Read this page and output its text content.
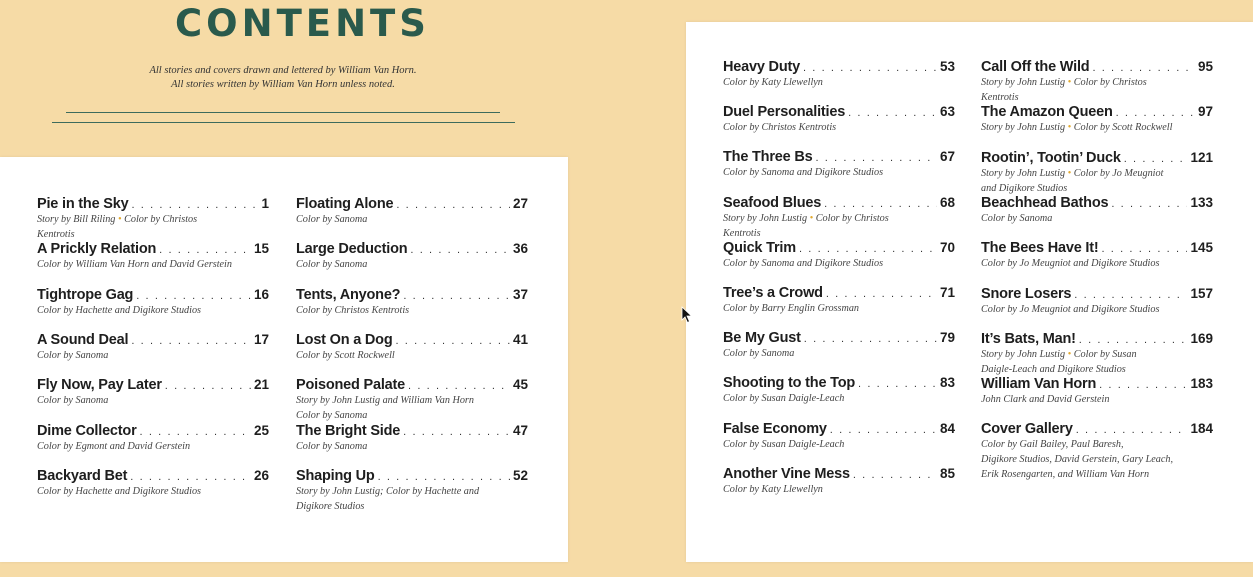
CONTENTS
All stories and covers drawn and lettered by William Van Horn.
All stories written by William Van Horn unless noted.
Pie in the Sky . . .	1
Story by Bill Riling • Color by Christos
Kentrotis
A Prickly Relation . . .	15
Color by William Van Horn and David Gerstein
Tightrope Gag . . .	16
Color by Hachette and Digikore Studios
A Sound Deal . . .	17
Color by Sanoma
Fly Now, Pay Later . . .	21
Color by Sanoma
Dime Collector . . .	25
Color by Egmont and David Gerstein
Backyard Bet . . .	26
Color by Hachette and Digikore Studios
Floating Alone . . .	27
Color by Sanoma
Large Deduction . . .	36
Color by Sanoma
Tents, Anyone? . . .	37
Color by Christos Kentrotis
Lost On a Dog . . .	41
Color by Scott Rockwell
Poisoned Palate . . .	45
Story by John Lustig and William Van Horn
Color by Sanoma
The Bright Side . . .	47
Color by Sanoma
Shaping Up . . .	52
Story by John Lustig; Color by Hachette and
Digikore Studios
Heavy Duty . . .	53
Color by Katy Llewellyn
Duel Personalities . . .	63
Color by Christos Kentrotis
The Three Bs . . .	67
Color by Sanoma and Digikore Studios
Seafood Blues . . .	68
Story by John Lustig • Color by Christos
Kentrotis
Quick Trim . . .	70
Color by Sanoma and Digikore Studios
Tree’s a Crowd . . .	71
Color by Barry Englin Grossman
Be My Gust . . .	79
Color by Sanoma
Shooting to the Top . . .	83
Color by Susan Daigle-Leach
False Economy . . .	84
Color by Susan Daigle-Leach
Another Vine Mess . . .	85
Color by Katy Llewellyn
Call Off the Wild . . .	95
Story by John Lustig • Color by Christos
Kentrotis
The Amazon Queen . . .	97
Story by John Lustig • Color by Scott Rockwell
Rootin’, Tootin’ Duck . . .	121
Story by John Lustig • Color by Jo Meugniot
and Digikore Studios
Beachhead Bathos . . .	133
Color by Sanoma
The Bees Have It! . . .	145
Color by Jo Meugniot and Digikore Studios
Snore Losers . . .	157
Color by Jo Meugniot and Digikore Studios
It’s Bats, Man! . . .	169
Story by John Lustig • Color by Susan
Daigle-Leach and Digikore Studios
William Van Horn . . .	183
John Clark and David Gerstein
Cover Gallery . . .	184
Color by Gail Bailey, Paul Baresh,
Digikore Studios, David Gerstein, Gary Leach,
Erik Rosengarten, and William Van Horn
